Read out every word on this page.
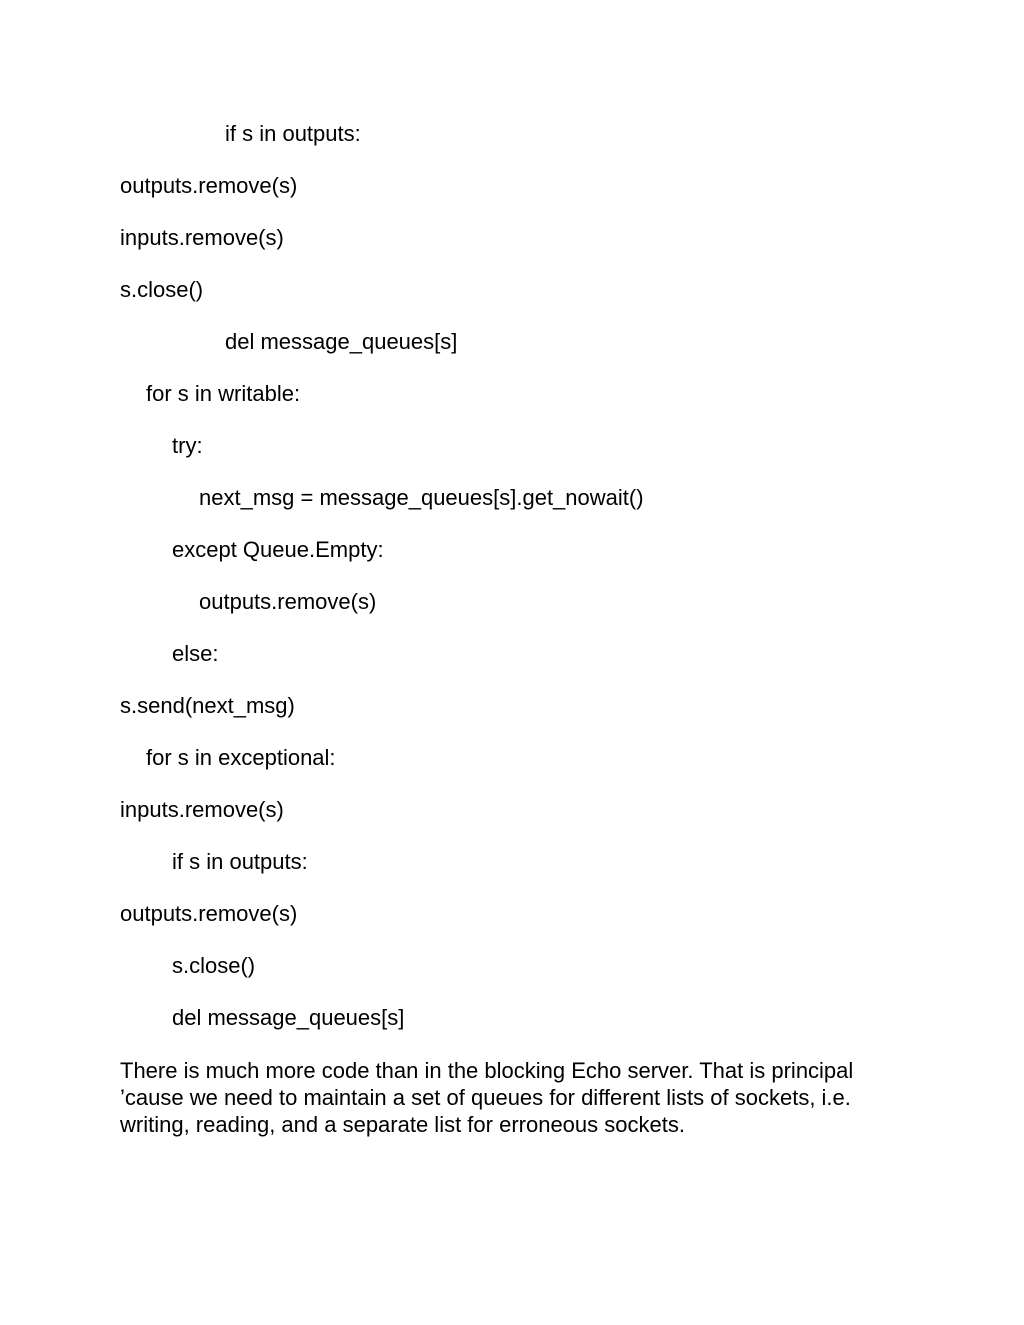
if s in outputs:

outputs.remove(s)

inputs.remove(s)

s.close()

del message_queues[s]

for s in writable:

try:

next_msg = message_queues[s].get_nowait()

except Queue.Empty:

outputs.remove(s)

else:

s.send(next_msg)

for s in exceptional:

inputs.remove(s)

if s in outputs:

outputs.remove(s)

s.close()

del message_queues[s]

There is much more code than in the blocking Echo server. That is principal
’cause we need to maintain a set of queues for different lists of sockets, i.e.
writing, reading, and a separate list for erroneous sockets.
